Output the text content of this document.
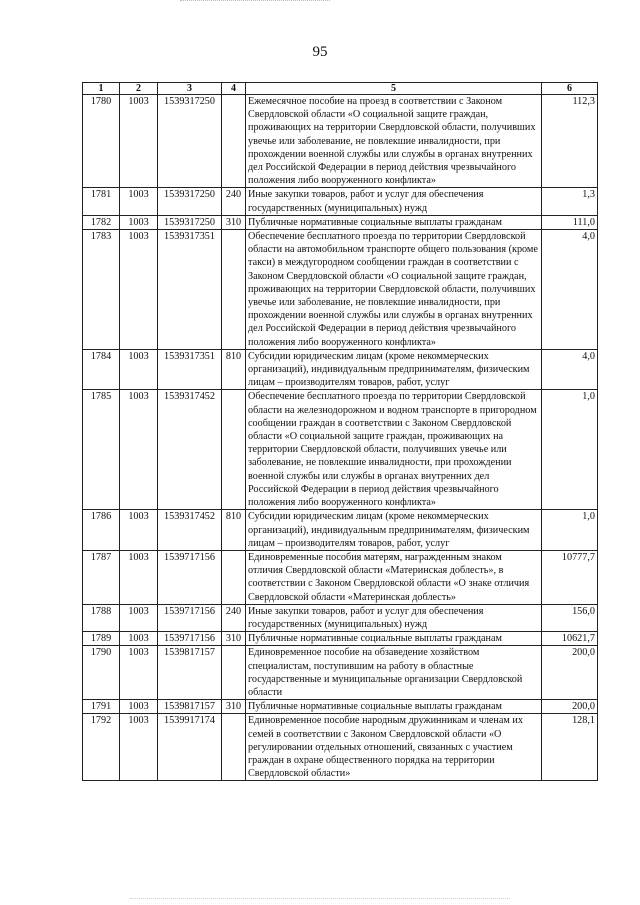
95
1	2	3	4	5	6
1780	1003	1539317250		Ежемесячное пособие на проезд в соответствии с Законом Свердловской области «О социальной защите граждан, проживающих на территории Свердловской области, получивших увечье или заболевание, не повлекшие инвалидности, при прохождении военной службы или службы в органах внутренних дел Российской Федерации в период действия чрезвычайного положения либо вооруженного конфликта»	112,3
1781	1003	1539317250	240	Иные закупки товаров, работ и услуг для обеспечения государственных (муниципальных) нужд	1,3
1782	1003	1539317250	310	Публичные нормативные социальные выплаты гражданам	111,0
1783	1003	1539317351		Обеспечение бесплатного проезда по территории Свердловской области на автомобильном транспорте общего пользования (кроме такси) в междугородном сообщении граждан в соответствии с Законом Свердловской области «О социальной защите граждан, проживающих на территории Свердловской области, получивших увечье или заболевание, не повлекшие инвалидности, при прохождении военной службы или службы в органах внутренних дел Российской Федерации в период действия чрезвычайного положения либо вооруженного конфликта»	4,0
1784	1003	1539317351	810	Субсидии юридическим лицам (кроме некоммерческих организаций), индивидуальным предпринимателям, физическим лицам – производителям товаров, работ, услуг	4,0
1785	1003	1539317452		Обеспечение бесплатного проезда по территории Свердловской области на железнодорожном и водном транспорте в пригородном сообщении граждан в соответствии с Законом Свердловской области «О социальной защите граждан, проживающих на территории Свердловской области, получивших увечье или заболевание, не повлекшие инвалидности, при прохождении военной службы или службы в органах внутренних дел Российской Федерации в период действия чрезвычайного положения либо вооруженного конфликта»	1,0
1786	1003	1539317452	810	Субсидии юридическим лицам (кроме некоммерческих организаций), индивидуальным предпринимателям, физическим лицам – производителям товаров, работ, услуг	1,0
1787	1003	1539717156		Единовременные пособия матерям, награжденным знаком отличия Свердловской области «Материнская доблесть», в соответствии с Законом Свердловской области «О знаке отличия Свердловской области «Материнская доблесть»	10777,7
1788	1003	1539717156	240	Иные закупки товаров, работ и услуг для обеспечения государственных (муниципальных) нужд	156,0
1789	1003	1539717156	310	Публичные нормативные социальные выплаты гражданам	10621,7
1790	1003	1539817157		Единовременное пособие на обзаведение хозяйством специалистам, поступившим на работу в областные государственные и муниципальные организации Свердловской области	200,0
1791	1003	1539817157	310	Публичные нормативные социальные выплаты гражданам	200,0
1792	1003	1539917174		Единовременное пособие народным дружинникам и членам их семей в соответствии с Законом Свердловской области «О регулировании отдельных отношений, связанных с участием граждан в охране общественного порядка на территории Свердловской области»	128,1
